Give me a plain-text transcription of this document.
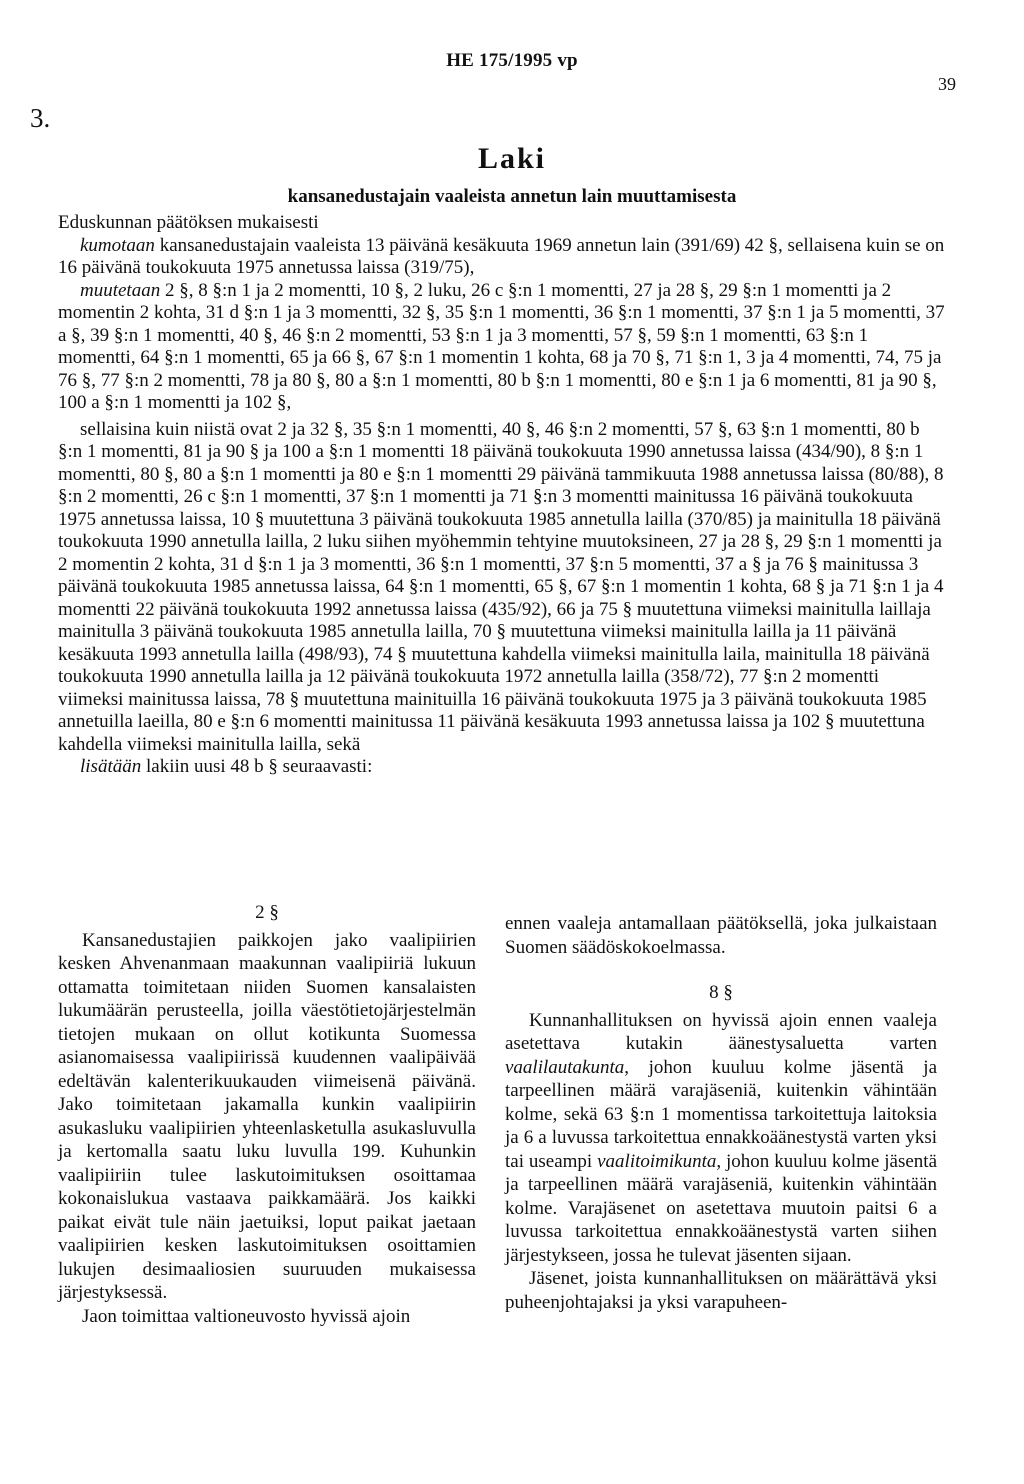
HE 175/1995 vp
39
3.
Laki
kansanedustajain vaaleista annetun lain muuttamisesta

Eduskunnan päätöksen mukaisesti

kumotaan kansanedustajain vaaleista 13 päivänä kesäkuuta 1969 annetun lain (391/69) 42 §, sellaisena kuin se on 16 päivänä toukokuuta 1975 annetussa laissa (319/75),

muutetaan 2 §, 8 §:n 1 ja 2 momentti, 10 §, 2 luku, 26 c §:n 1 momentti, 27 ja 28 §, 29 §:n 1 momentti ja 2 momentin 2 kohta, 31 d §:n 1 ja 3 momentti, 32 §, 35 §:n 1 momentti, 36 §:n 1 momentti, 37 §:n 1 ja 5 momentti, 37 a §, 39 §:n 1 momentti, 40 §, 46 §:n 2 momentti, 53 §:n 1 ja 3 momentti, 57 §, 59 §:n 1 momentti, 63 §:n 1 momentti, 64 §:n 1 momentti, 65 ja 66 §, 67 §:n 1 momentin 1 kohta, 68 ja 70 §, 71 §:n 1, 3 ja 4 momentti, 74, 75 ja 76 §, 77 §:n 2 momentti, 78 ja 80 §, 80 a §:n 1 momentti, 80 b §:n 1 momentti, 80 e §:n 1 ja 6 momentti, 81 ja 90 §, 100 a §:n 1 momentti ja 102 §,

sellaisina kuin niistä ovat 2 ja 32 §, 35 §:n 1 momentti, 40 §, 46 §:n 2 momentti, 57 §, 63 §:n 1 momentti, 80 b §:n 1 momentti, 81 ja 90 § ja 100 a §:n 1 momentti 18 päivänä toukokuuta 1990 annetussa laissa (434/90), 8 §:n 1 momentti, 80 §, 80 a §:n 1 momentti ja 80 e §:n 1 momentti 29 päivänä tammikuuta 1988 annetussa laissa (80/88), 8 §:n 2 momentti, 26 c §:n 1 momentti, 37 §:n 1 momentti ja 71 §:n 3 momentti mainitussa 16 päivänä toukokuuta 1975 annetussa laissa, 10 § muutettuna 3 päivänä toukokuuta 1985 annetulla lailla (370/85) ja mainitulla 18 päivänä toukokuuta 1990 annetulla lailla, 2 luku siihen myöhemmin tehtyine muutoksineen, 27 ja 28 §, 29 §:n 1 momentti ja 2 momentin 2 kohta, 31 d §:n 1 ja 3 momentti, 36 §:n 1 momentti, 37 §:n 5 momentti, 37 a § ja 76 § mainitussa 3 päivänä toukokuuta 1985 annetussa laissa, 64 §:n 1 momentti, 65 §, 67 §:n 1 momentin 1 kohta, 68 § ja 71 §:n 1 ja 4 momentti 22 päivänä toukokuuta 1992 annetussa laissa (435/92), 66 ja 75 § muutettuna viimeksi mainitulla laillaja mainitulla 3 päivänä toukokuuta 1985 annetulla lailla, 70 § muutettuna viimeksi mainitulla lailla ja 11 päivänä kesäkuuta 1993 annetulla lailla (498/93), 74 § muutettuna kahdella viimeksi mainitulla laila, mainitulla 18 päivänä toukokuuta 1990 annetulla lailla ja 12 päivänä toukokuuta 1972 annetulla lailla (358/72), 77 §:n 2 momentti viimeksi mainitussa laissa, 78 § muutettuna mainituilla 16 päivänä toukokuuta 1975 ja 3 päivänä toukokuuta 1985 annetuilla laeilla, 80 e §:n 6 momentti mainitussa 11 päivänä kesäkuuta 1993 annetussa laissa ja 102 § muutettuna kahdella viimeksi mainitulla lailla, sekä

lisätään lakiin uusi 48 b § seuraavasti:

2 §

Kansanedustajien paikkojen jako vaalipiirien kesken Ahvenanmaan maakunnan vaalipiiriä lukuun ottamatta toimitetaan niiden Suomen kansalaisten lukumäärän perusteella, joilla väestötietojärjestelmän tietojen mukaan on ollut kotikunta Suomessa asianomaisessa vaalipiirissä kuudennen vaalipäivää edeltävän kalenterikuukauden viimeisenä päivänä. Jako toimitetaan jakamalla kunkin vaalipiirin asukasluku vaalipiirien yhteenlasketulla asukasluvulla ja kertomalla saatu luku luvulla 199. Kuhunkin vaalipiiriin tulee laskutoimituksen osoittamaa kokonaislukua vastaava paikkamäärä. Jos kaikki paikat eivät tule näin jaetuiksi, loput paikat jaetaan vaalipiirien kesken laskutoimituksen osoittamien lukujen desimaaliosien suuruuden mukaisessa järjestyksessä.

Jaon toimittaa valtioneuvosto hyvissä ajoin

ennen vaaleja antamallaan päätöksellä, joka julkaistaan Suomen säädöskokoelmassa.

8 §

Kunnanhallituksen on hyvissä ajoin ennen vaaleja asetettava kutakin äänestysaluetta varten vaalilautakunta, johon kuuluu kolme jäsentä ja tarpeellinen määrä varajäseniä, kuitenkin vähintään kolme, sekä 63 §:n 1 momentissa tarkoitettuja laitoksia ja 6 a luvussa tarkoitettua ennakkoäänestystä varten yksi tai useampi vaalitoimikunta, johon kuuluu kolme jäsentä ja tarpeellinen määrä varajäseniä, kuitenkin vähintään kolme. Varajäsenet on asetettava muutoin paitsi 6 a luvussa tarkoitettua ennakkoäänestystä varten siihen järjestykseen, jossa he tulevat jäsenten sijaan.

Jäsenet, joista kunnanhallituksen on määrättävä yksi puheenjohtajaksi ja yksi varapuheen-
